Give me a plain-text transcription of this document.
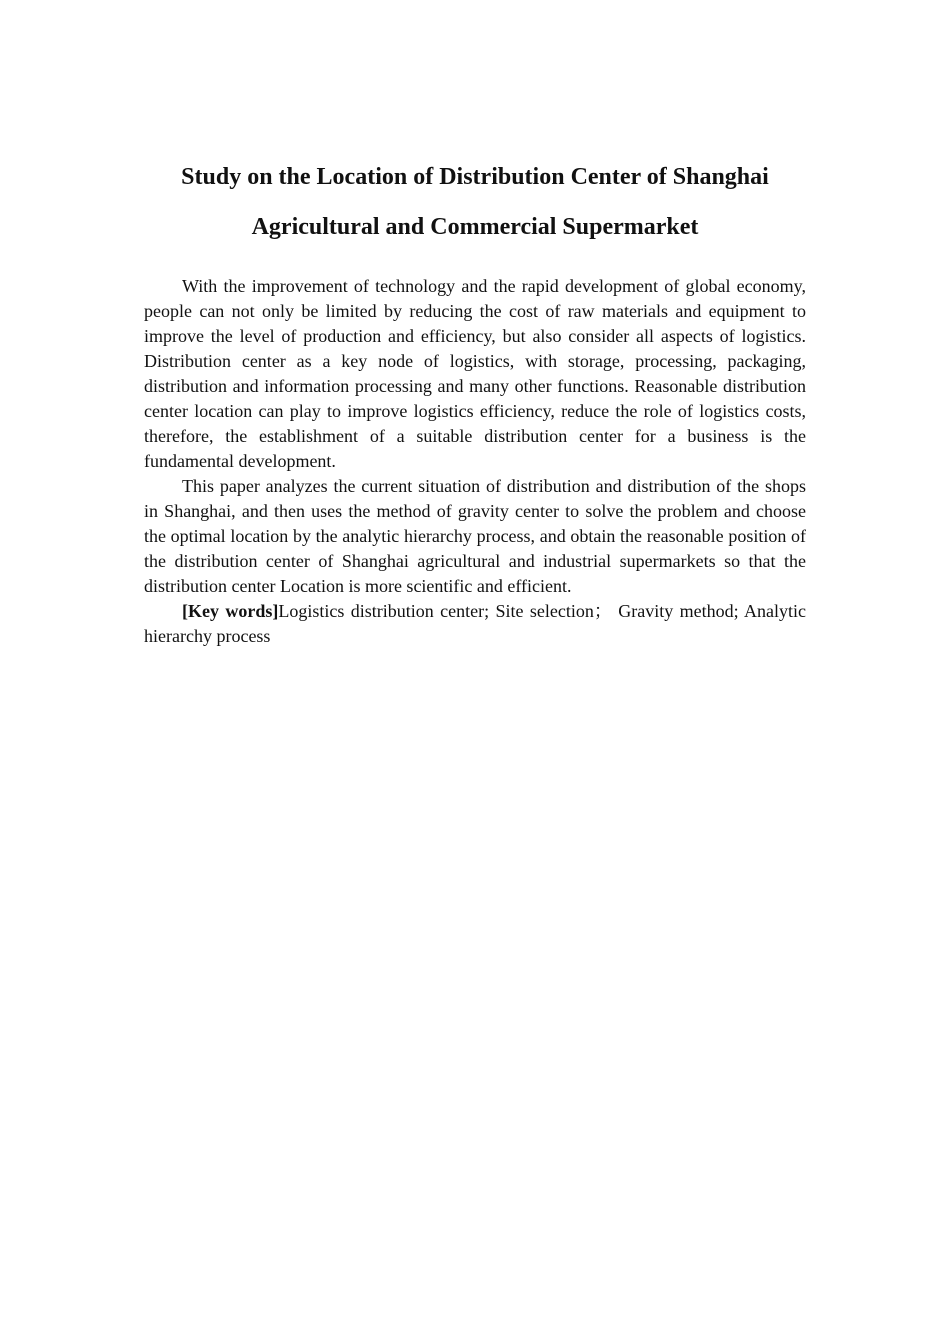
Study on the Location of Distribution Center of Shanghai

Agricultural and Commercial Supermarket

With the improvement of technology and the rapid development of global economy, people can not only be limited by reducing the cost of raw materials and equipment to improve the level of production and efficiency, but also consider all aspects of logistics. Distribution center as a key node of logistics, with storage, processing, packaging, distribution and information processing and many other functions. Reasonable distribution center location can play to improve logistics efficiency, reduce the role of logistics costs, therefore, the establishment of a suitable distribution center for a business is the fundamental development.

This paper analyzes the current situation of distribution and distribution of the shops in Shanghai, and then uses the method of gravity center to solve the problem and choose the optimal location by the analytic hierarchy process, and obtain the reasonable position of the distribution center of Shanghai agricultural and industrial supermarkets so that the distribution center Location is more scientific and efficient.

[Key words]Logistics distribution center; Site selection； Gravity method; Analytic hierarchy process
